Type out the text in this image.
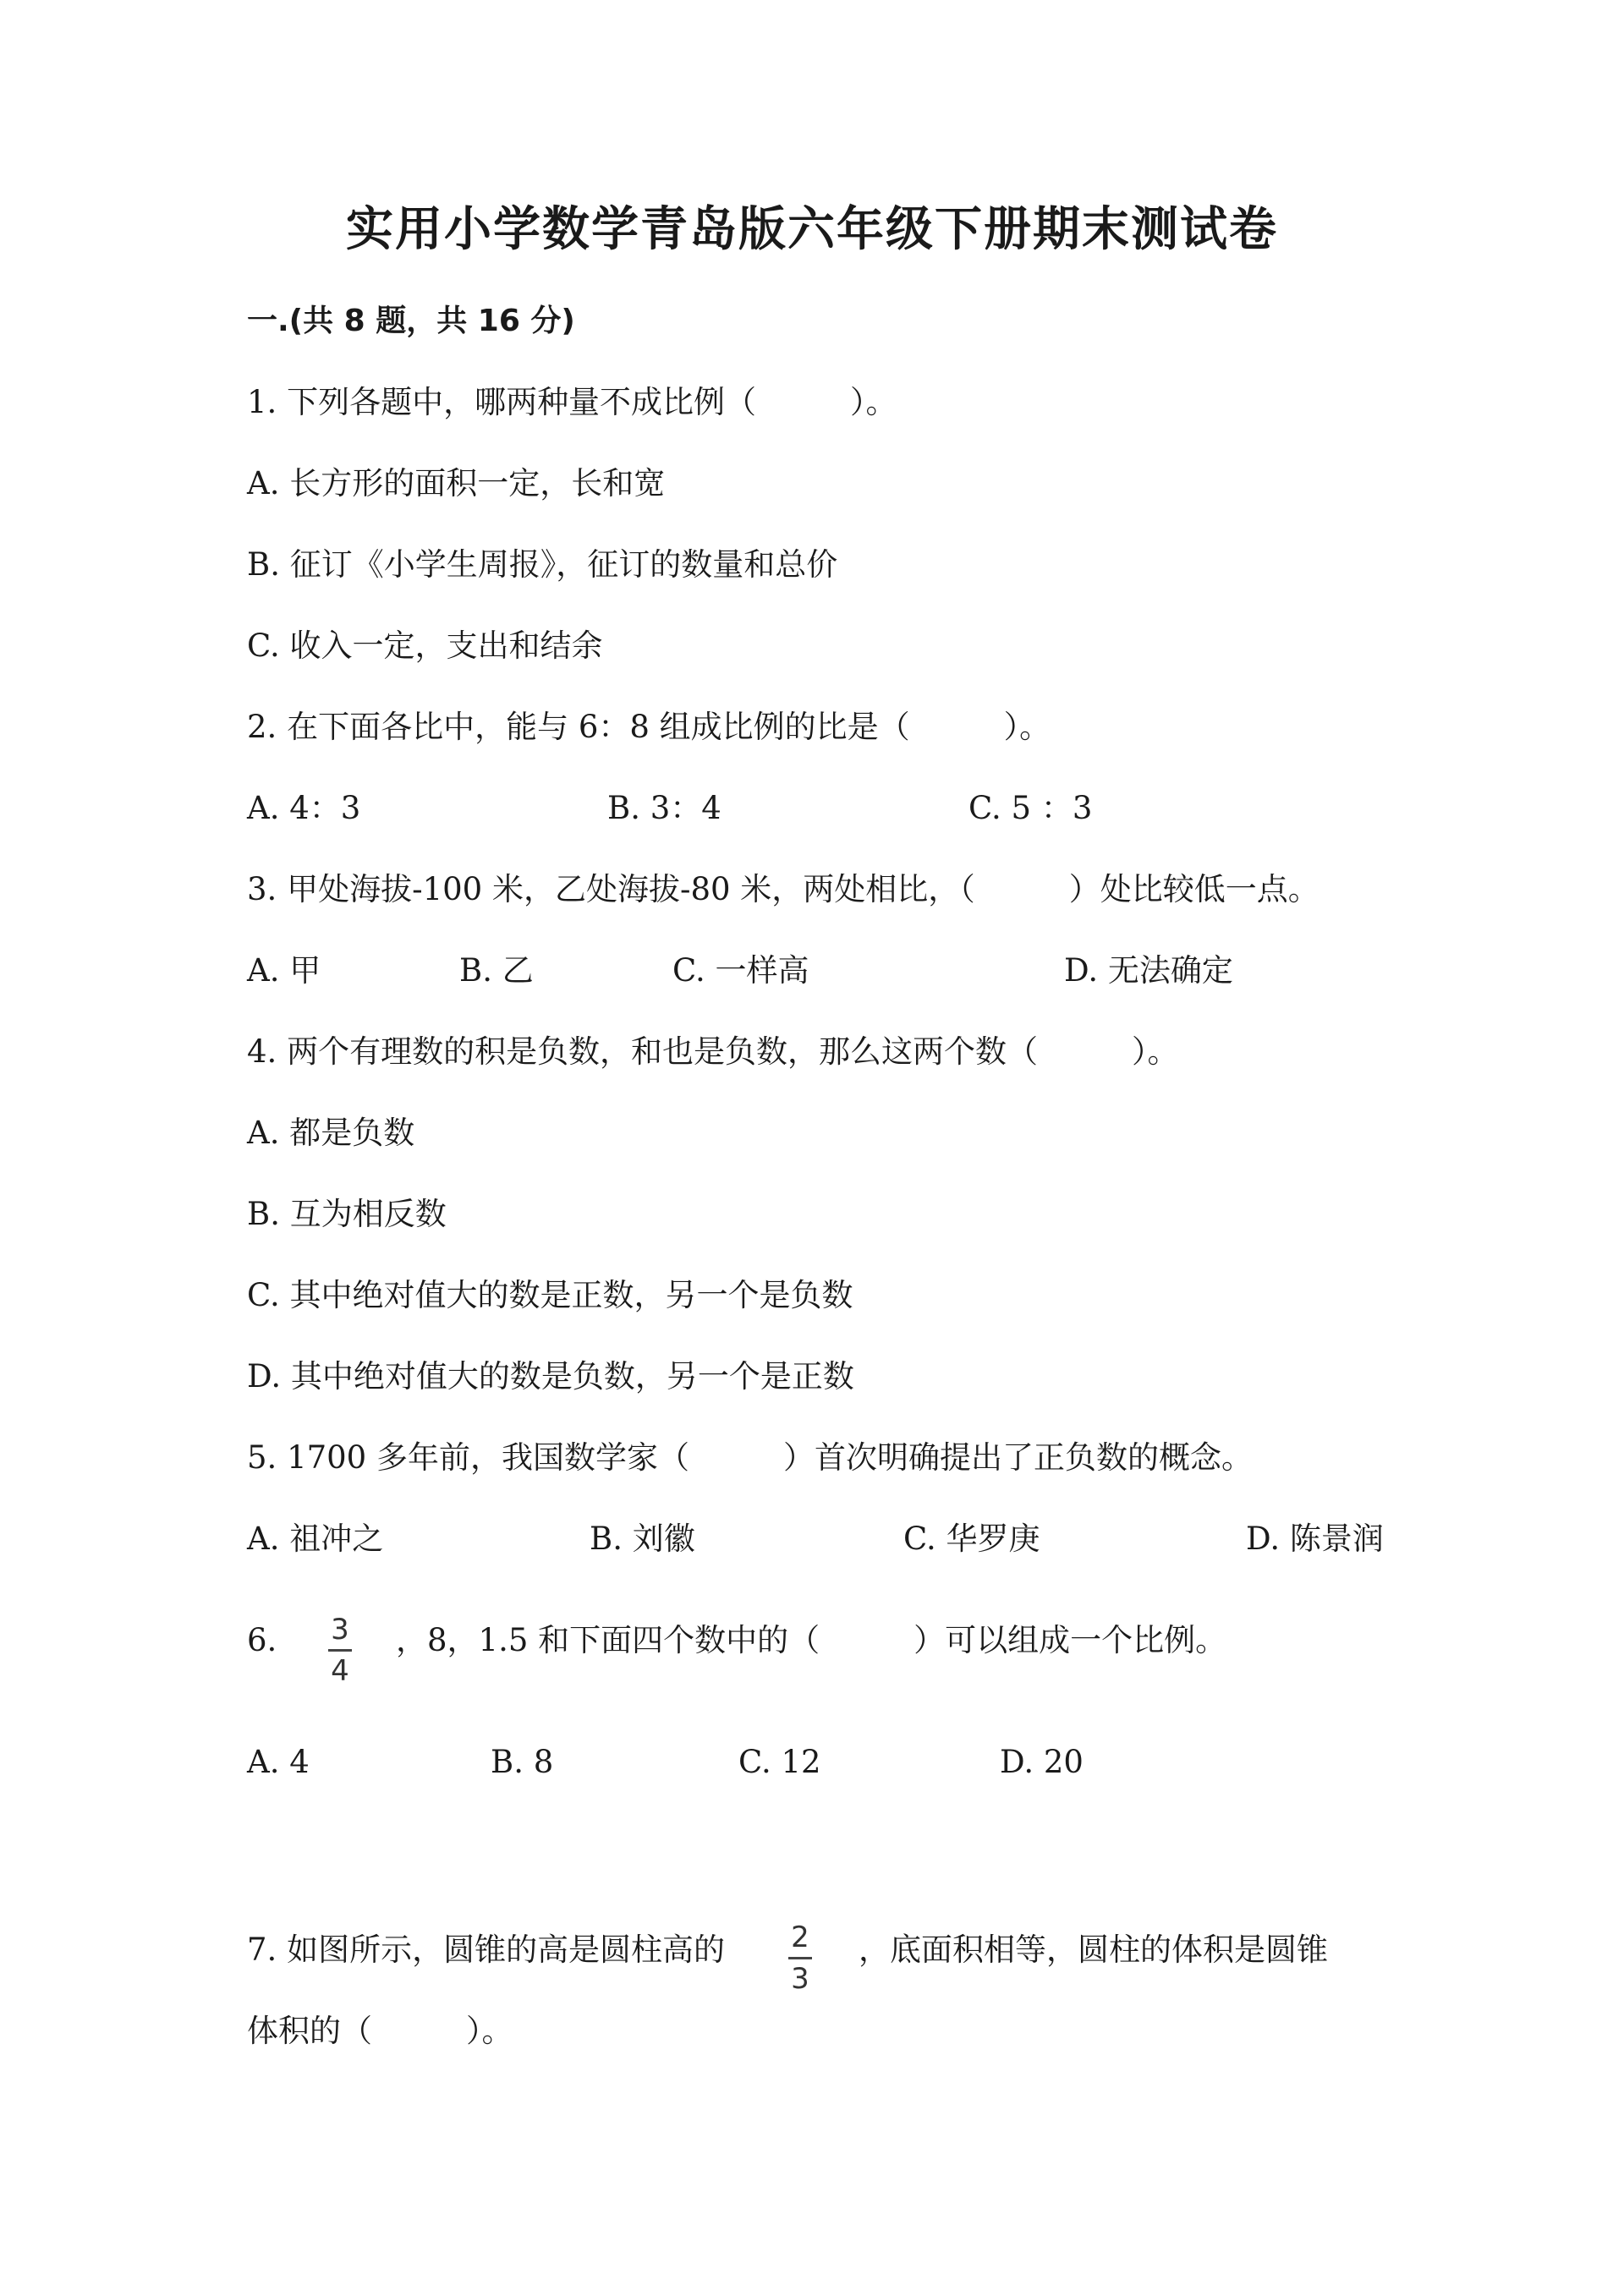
实用小学数学青岛版六年级下册期末测试卷
一.(共 8 题，共 16 分)
1. 下列各题中，哪两种量不成比例（　　　）。
A. 长方形的面积一定，长和宽
B. 征订《小学生周报》，征订的数量和总价
C. 收入一定，支出和结余
2. 在下面各比中，能与 6：8 组成比例的比是（　　　）。
A. 4：3	B. 3：4	C. 5 ：3
3. 甲处海拔-100 米，乙处海拔-80 米，两处相比，（　　　）处比较低一点。
A. 甲	B. 乙	C. 一样高	D. 无法确定
4. 两个有理数的积是负数，和也是负数，那么这两个数（　　　）。
A. 都是负数
B. 互为相反数
C. 其中绝对值大的数是正数，另一个是负数
D. 其中绝对值大的数是负数，另一个是正数
5. 1700 多年前，我国数学家（　　　）首次明确提出了正负数的概念。
A. 祖冲之	B. 刘徽	C. 华罗庚	D. 陈景润
6. 3
4
，8，1.5 和下面四个数中的（　　　）可以组成一个比例。
A. 4	B. 8	C. 12	D. 20
7. 如图所示，圆锥的高是圆柱高的 2
3
，底面积相等，圆柱的体积是圆锥
体积的（　　　）。
